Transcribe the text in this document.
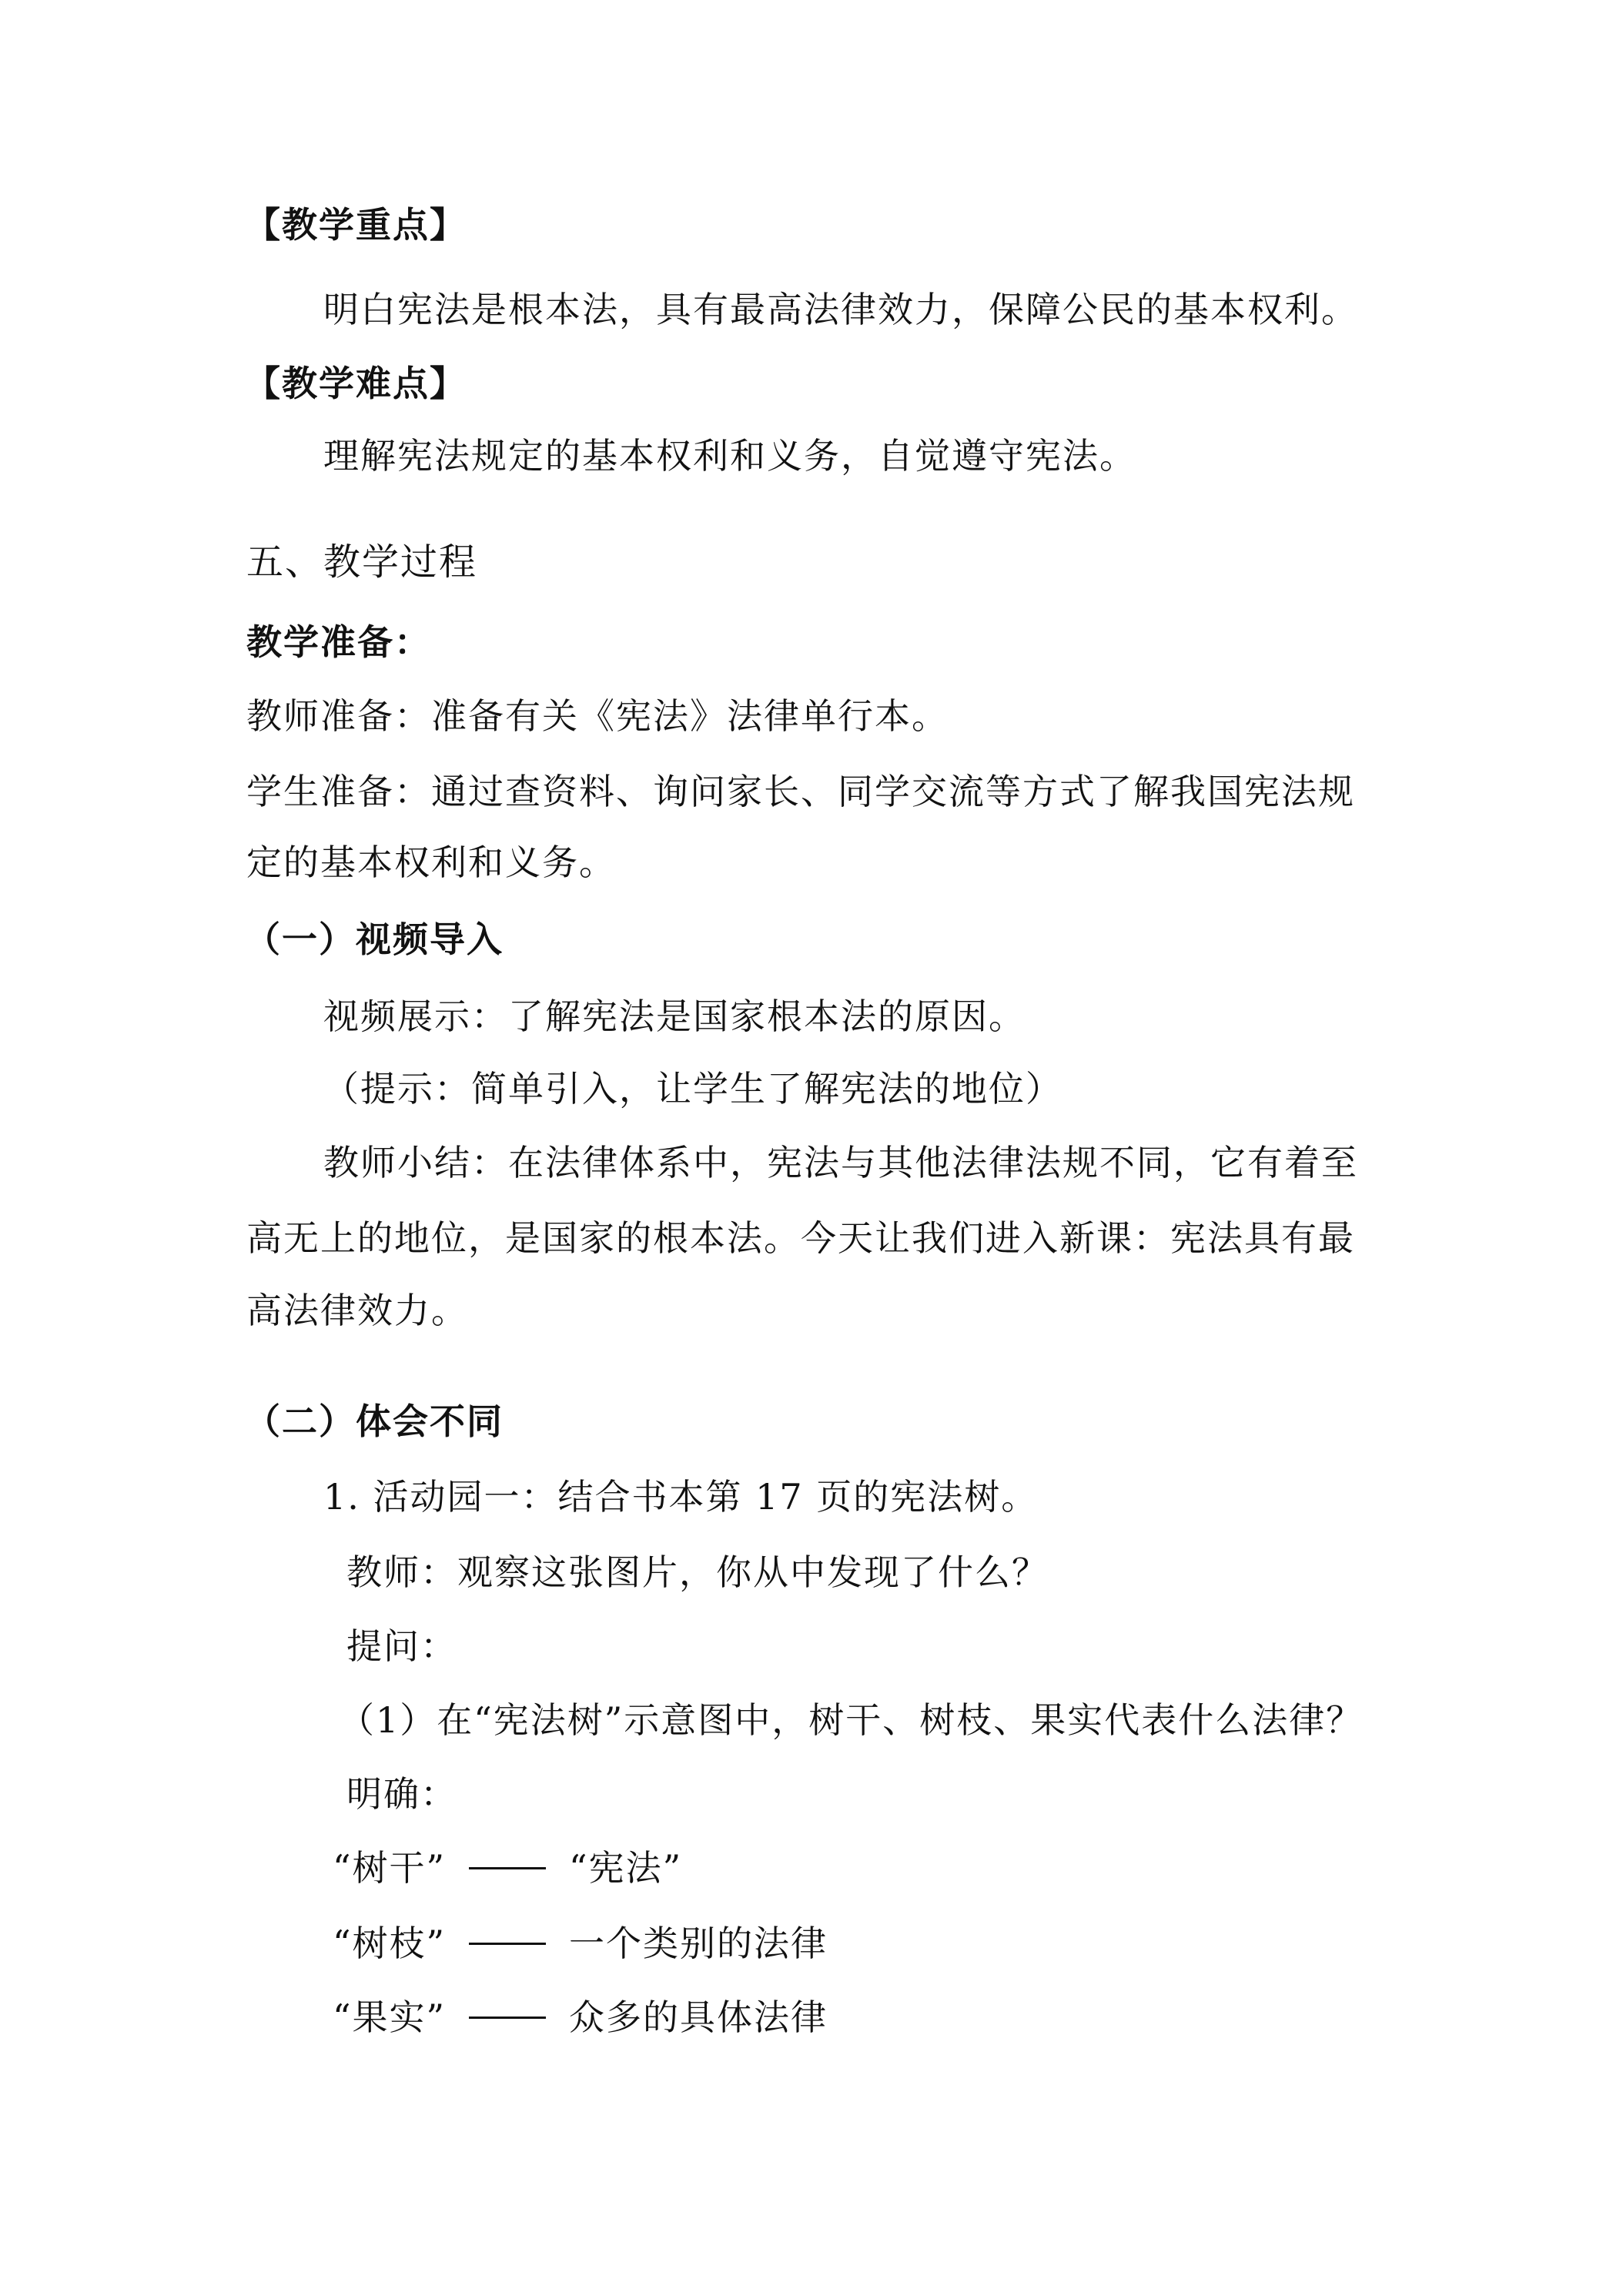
【教学重点】
明白宪法是根本法，具有最高法律效力，保障公民的基本权利。
【教学难点】
理解宪法规定的基本权利和义务，自觉遵守宪法。
五、教学过程
教学准备：
教师准备：准备有关《宪法》法律单行本。
学生准备：通过查资料、询问家长、同学交流等方式了解我国宪法规
定的基本权利和义务。
（一）视频导入
视频展示：了解宪法是国家根本法的原因。
（提示：简单引入，让学生了解宪法的地位）
教师小结：在法律体系中，宪法与其他法律法规不同，它有着至
高无上的地位，是国家的根本法。今天让我们进入新课：宪法具有最
高法律效力。
（二）体会不同
1. 活动园一：结合书本第 17 页的宪法树。
教师：观察这张图片，你从中发现了什么？
提问：
（1）在“宪法树”示意图中，树干、树枝、果实代表什么法律？
明确：
“树干”	“宪法”
“树枝”	一个类别的法律
“果实”	众多的具体法律
